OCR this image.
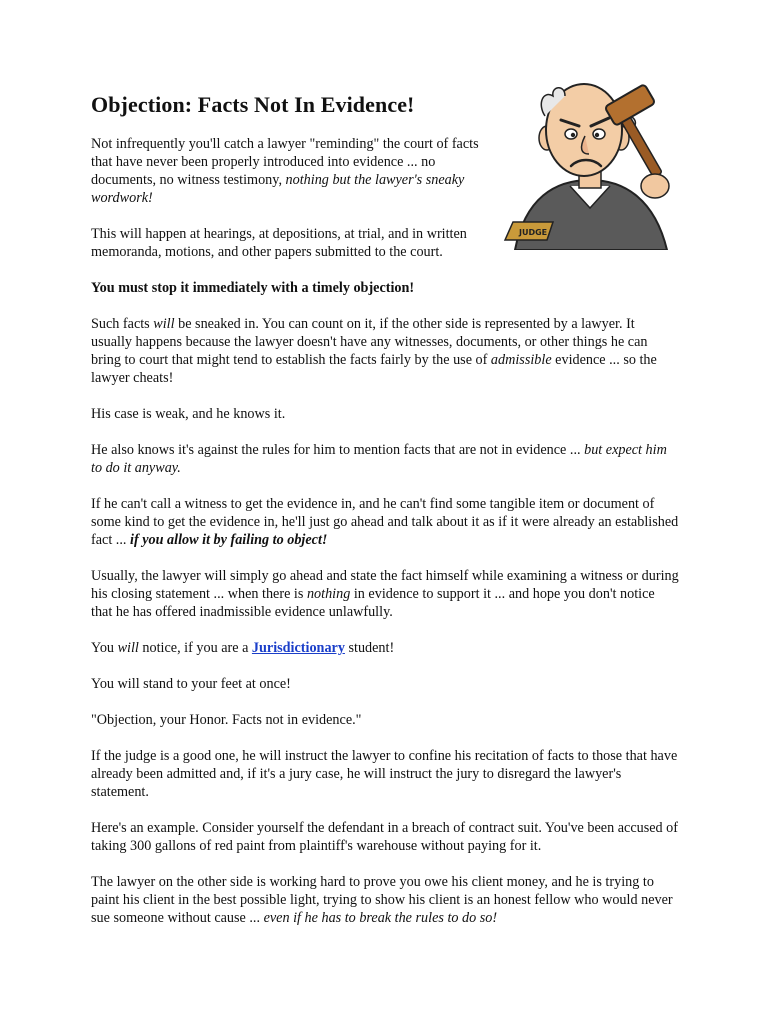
JUDGE
Objection: Facts Not In Evidence!

Not infrequently you'll catch a lawyer "reminding" the court of facts that have never been properly introduced into evidence ... no documents, no witness testimony, nothing but the lawyer's sneaky wordwork!

This will happen at hearings, at depositions, at trial, and in written memoranda, motions, and other papers submitted to the court.

You must stop it immediately with a timely objection!

Such facts will be sneaked in. You can count on it, if the other side is represented by a lawyer. It usually happens because the lawyer doesn't have any witnesses, documents, or other things he can bring to court that might tend to establish the facts fairly by the use of admissible evidence ... so the lawyer cheats!

His case is weak, and he knows it.

He also knows it's against the rules for him to mention facts that are not in evidence ... but expect him to do it anyway.

If he can't call a witness to get the evidence in, and he can't find some tangible item or document of some kind to get the evidence in, he'll just go ahead and talk about it as if it were already an established fact ... if you allow it by failing to object!

Usually, the lawyer will simply go ahead and state the fact himself while examining a witness or during his closing statement ... when there is nothing in evidence to support it ... and hope you don't notice that he has offered inadmissible evidence unlawfully.

You will notice, if you are a Jurisdictionary student!

You will stand to your feet at once!

"Objection, your Honor. Facts not in evidence."

If the judge is a good one, he will instruct the lawyer to confine his recitation of facts to those that have already been admitted and, if it's a jury case, he will instruct the jury to disregard the lawyer's statement.

Here's an example. Consider yourself the defendant in a breach of contract suit. You've been accused of taking 300 gallons of red paint from plaintiff's warehouse without paying for it.

The lawyer on the other side is working hard to prove you owe his client money, and he is trying to paint his client in the best possible light, trying to show his client is an honest fellow who would never sue someone without cause ... even if he has to break the rules to do so!
